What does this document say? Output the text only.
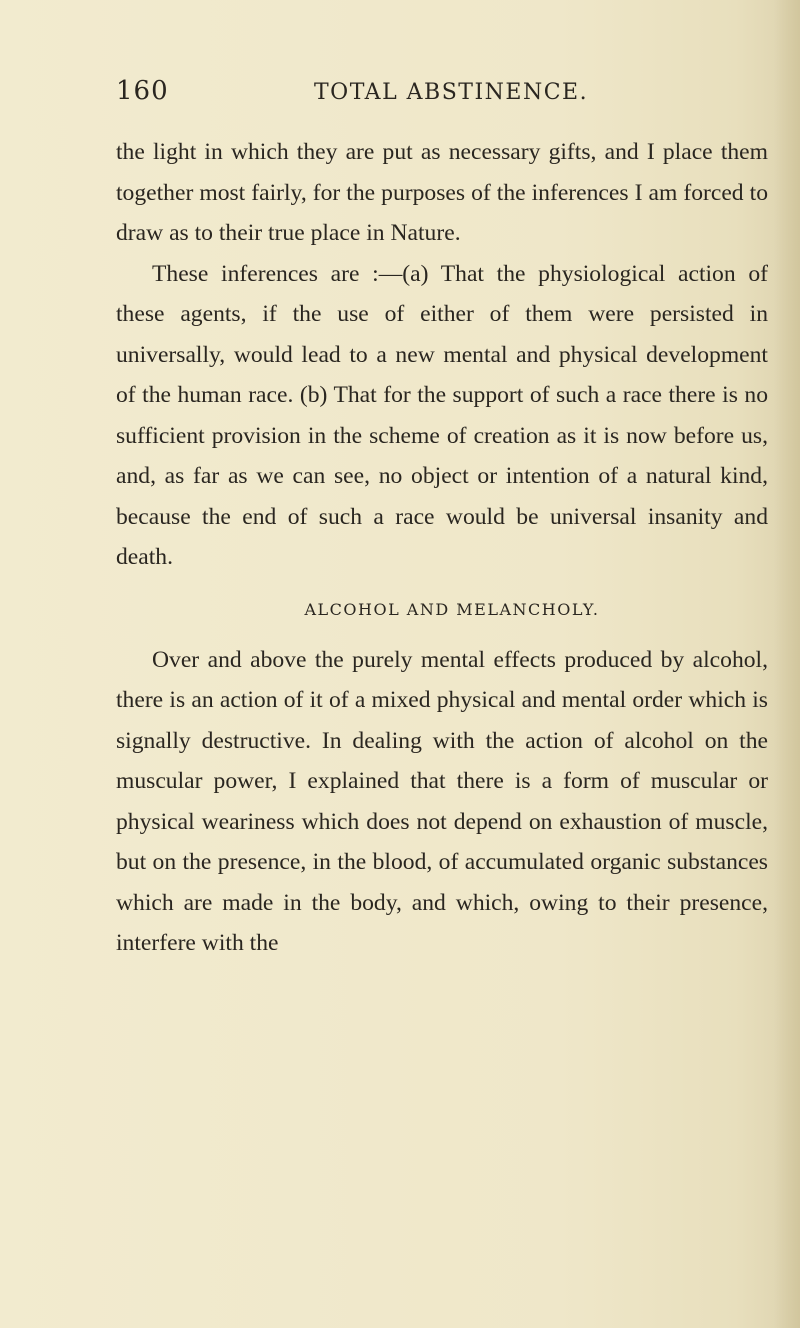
160	TOTAL ABSTINENCE.

the light in which they are put as necessary gifts, and I place them together most fairly, for the purposes of the inferences I am forced to draw as to their true place in Nature.

These inferences are :—(a) That the physiological action of these agents, if the use of either of them were persisted in universally, would lead to a new mental and physical development of the human race. (b) That for the support of such a race there is no sufficient provision in the scheme of creation as it is now before us, and, as far as we can see, no object or intention of a natural kind, because the end of such a race would be universal insanity and death.

ALCOHOL AND MELANCHOLY.

Over and above the purely mental effects produced by alcohol, there is an action of it of a mixed physical and mental order which is signally destructive. In dealing with the action of alcohol on the muscular power, I explained that there is a form of muscular or physical weariness which does not depend on exhaustion of muscle, but on the presence, in the blood, of accumulated organic substances which are made in the body, and which, owing to their presence, interfere with the
